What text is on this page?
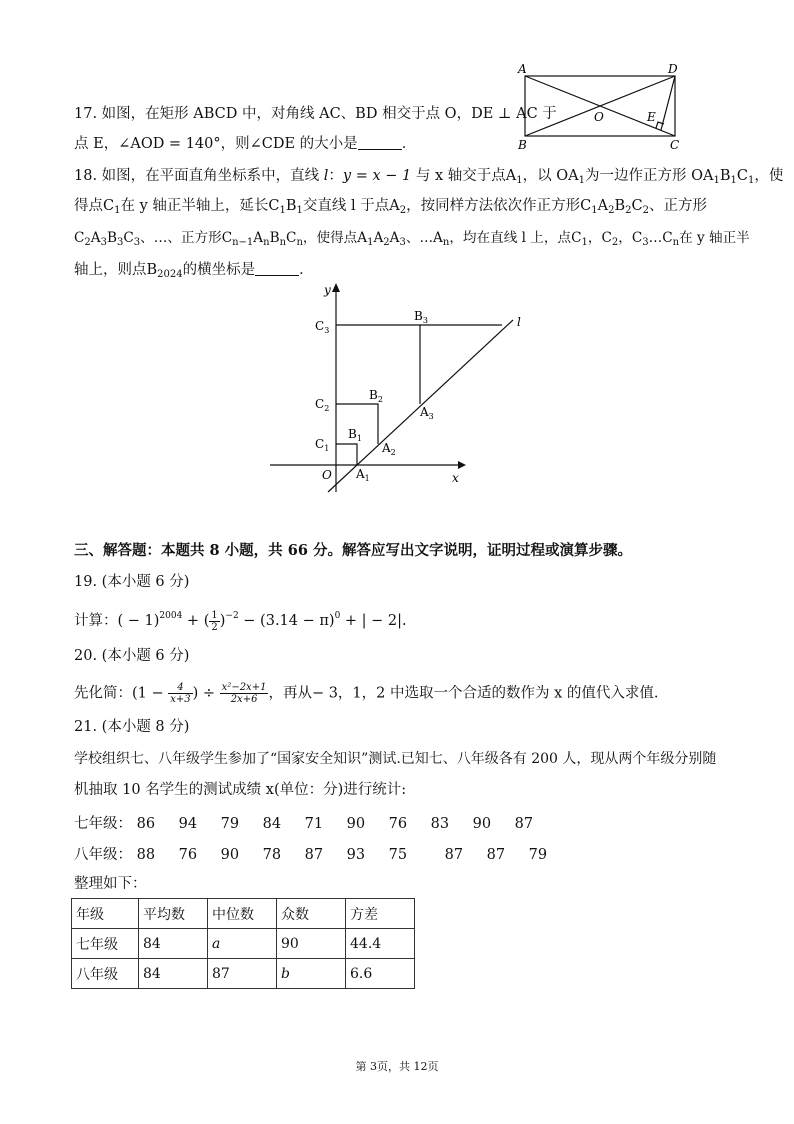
17. 如图，在矩形 ABCD 中，对角线 AC、BD 相交于点 O，DE ⊥ AC 于
点 E，∠AOD = 140°，则∠CDE 的大小是	．
A	D
B	C
O	E
18. 如图，在平面直角坐标系中，直线 l：y = x − 1 与 x 轴交于点$A_1$，以 $OA_1$为一边作正方形 $OA_1B_1C_1$，使
得点$C_1$在 y 轴正半轴上，延长$C_1B_1$交直线 l 于点$A_2$，按同样方法依次作正方形$C_1A_2B_2C_2$、正方形
$C_2A_3B_3C_3$、…、正方形$C_{n-1}A_nB_nC_n$，使得点$A_1A_2A_3$、$\dots A_n$，均在直线 l 上，点$C_1$，$C_2$，$C_3\dots C_n$在 y 轴正半
轴上，则点$B_{2024}$的横坐标是	．
y
x
O
l
$C_1$
$C_2$
$C_3$
$B_1$
$B_2$
$B_3$
$A_1$
$A_2$
$A_3$
三、解答题：本题共 8 小题，共 66 分。解答应写出文字说明，证明过程或演算步骤。
19. (本小题 6 分)
计算：( − 1)$^{2004}$ + ( $\frac{1}{2} )^{-2} - (3.14 - \pi)^0$ + | − 2|.
20. (本小题 6 分)
先化简：($1 - \frac{4}{x+3}$ ) ÷ $\frac{\text{x²−2x+1}}{2x+6}$ ，再从− 3，1，2 中选取一个合适的数作为 x 的值代入求值.
21. (本小题 8 分)
学校组织七、八年级学生参加了“国家安全知识”测试.已知七、八年级各有 200 人，现从两个年级分别随
机抽取 10 名学生的测试成绩 x(单位：分)进行统计:
七年级： 86 94 79 84 71 90 76 83 90 87
八年级： 88 76 90 78 87 93 75	87 87 79
整理如下：
年级	平均数	中位数	众数	方差
七年级	84	a	90	44.4
八年级	84	87	b	6.6
第 3页，共 12页
